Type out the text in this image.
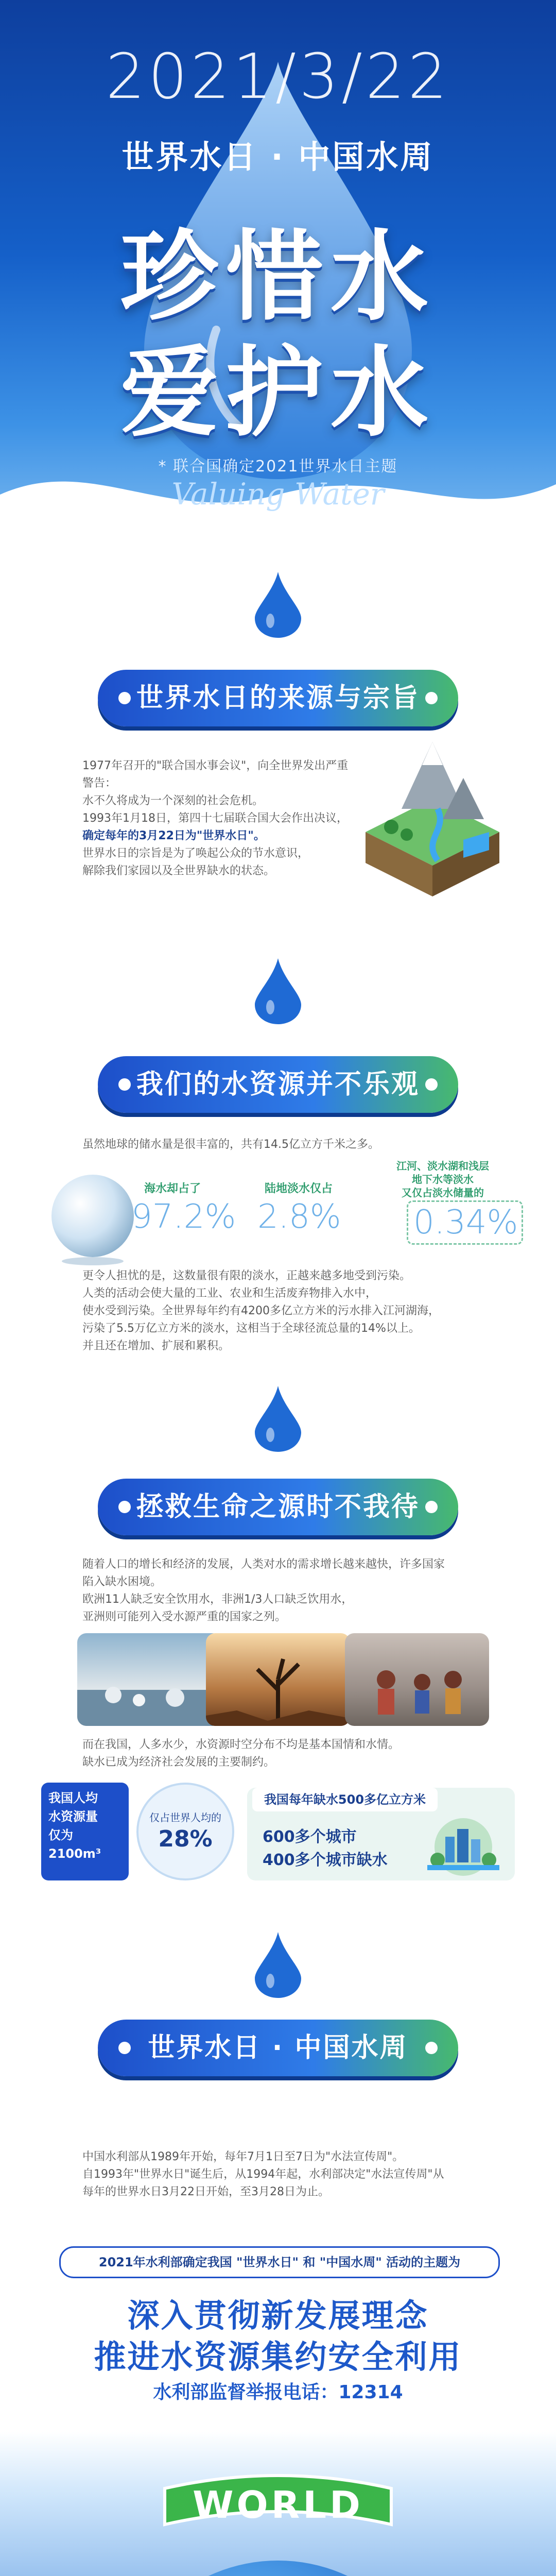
2021/3/22
世界水日 · 中国水周
珍惜水
爱护水
* 联合国确定2021世界水日主题
Valuing Water
世界水日的来源与宗旨
1977年召开的"联合国水事会议"，向全世界发出严重警告：
水不久将成为一个深刻的社会危机。
1993年1月18日，第四十七届联合国大会作出决议，
确定每年的3月22日为"世界水日"。
世界水日的宗旨是为了唤起公众的节水意识，
解除我们家园以及全世界缺水的状态。
我们的水资源并不乐观
虽然地球的储水量是很丰富的，共有14.5亿立方千米之多。
海水却占了
97.2%
陆地淡水仅占
2.8%
江河、淡水湖和浅层
地下水等淡水
又仅占淡水储量的
0.34%
更令人担忧的是，这数量很有限的淡水，正越来越多地受到污染。
人类的活动会使大量的工业、农业和生活废弃物排入水中，
使水受到污染。全世界每年约有4200多亿立方米的污水排入江河湖海，
污染了5.5万亿立方米的淡水，这相当于全球径流总量的14%以上。
并且还在增加、扩展和累积。
拯救生命之源时不我待
随着人口的增长和经济的发展，人类对水的需求增长越来越快，许多国家
陷入缺水困境。
欧洲11人缺乏安全饮用水，非洲1/3人口缺乏饮用水，
亚洲则可能列入受水源严重的国家之列。
而在我国，人多水少，水资源时空分布不均是基本国情和水情。
缺水已成为经济社会发展的主要制约。
我国人均
水资源量
仅为
2100m³
仅占世界人均的
28%
我国每年缺水500多亿立方米
600多个城市
400多个城市缺水
世界水日 · 中国水周
中国水利部从1989年开始，每年7月1日至7日为"水法宣传周"。
自1993年"世界水日"诞生后，从1994年起，水利部决定"水法宣传周"从
每年的世界水日3月22日开始，至3月28日为止。
2021年水利部确定我国 "世界水日" 和 "中国水周" 活动的主题为
深入贯彻新发展理念
推进水资源集约安全利用
水利部监督举报电话：12314
WORLD
